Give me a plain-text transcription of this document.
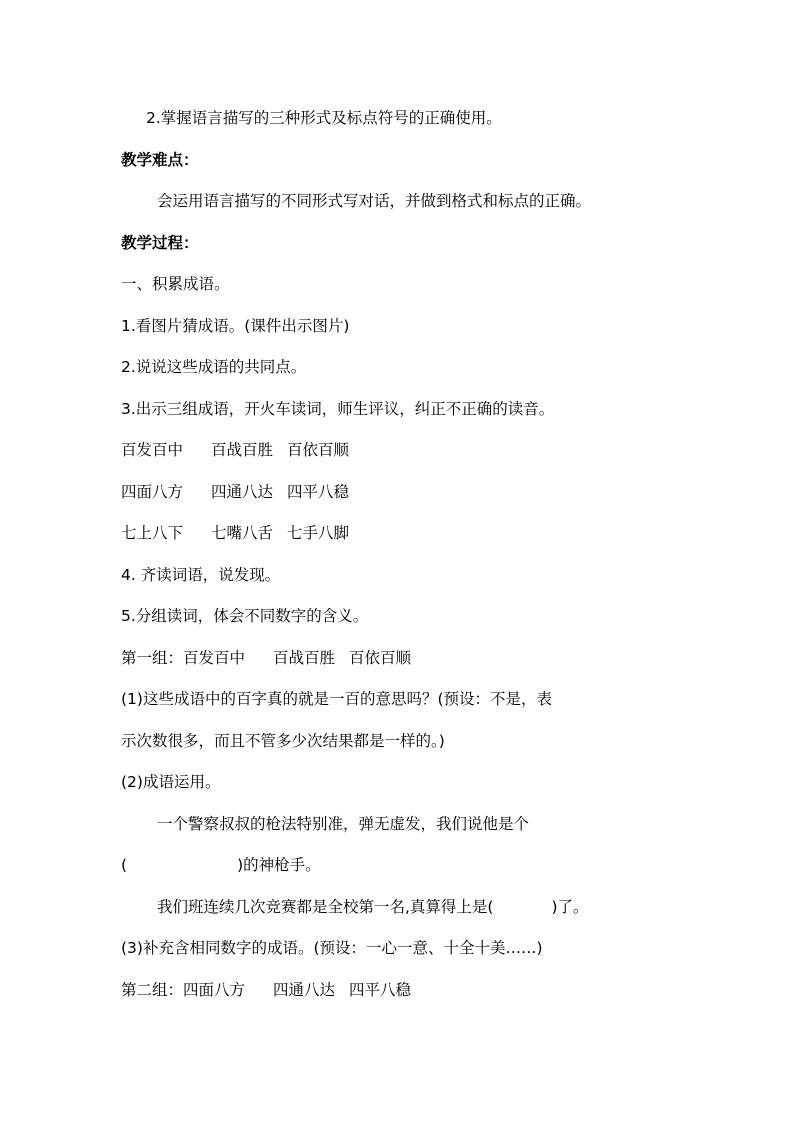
2.掌握语言描写的三种形式及标点符号的正确使用。
教学难点：
会运用语言描写的不同形式写对话，并做到格式和标点的正确。
教学过程：
一、积累成语。
1.看图片猜成语。(课件出示图片)
2.说说这些成语的共同点。
3.出示三组成语，开火车读词，师生评议，纠正不正确的读音。
百发百中 百战百胜 百依百顺
四面八方 四通八达 四平八稳
七上八下 七嘴八舌 七手八脚
4. 齐读词语，说发现。
5.分组读词，体会不同数字的含义。
第一组：百发百中 百战百胜 百依百顺
(1)这些成语中的百字真的就是一百的意思吗？(预设：不是，表
示次数很多，而且不管多少次结果都是一样的。)
(2)成语运用。
一个警察叔叔的枪法特别准，弹无虚发，我们说他是个
(	)的神枪手。
我们班连续几次竞赛都是全校第一名,真算得上是(	)了。
(3)补充含相同数字的成语。(预设：一心一意、十全十美……)
第二组：四面八方 四通八达 四平八稳
